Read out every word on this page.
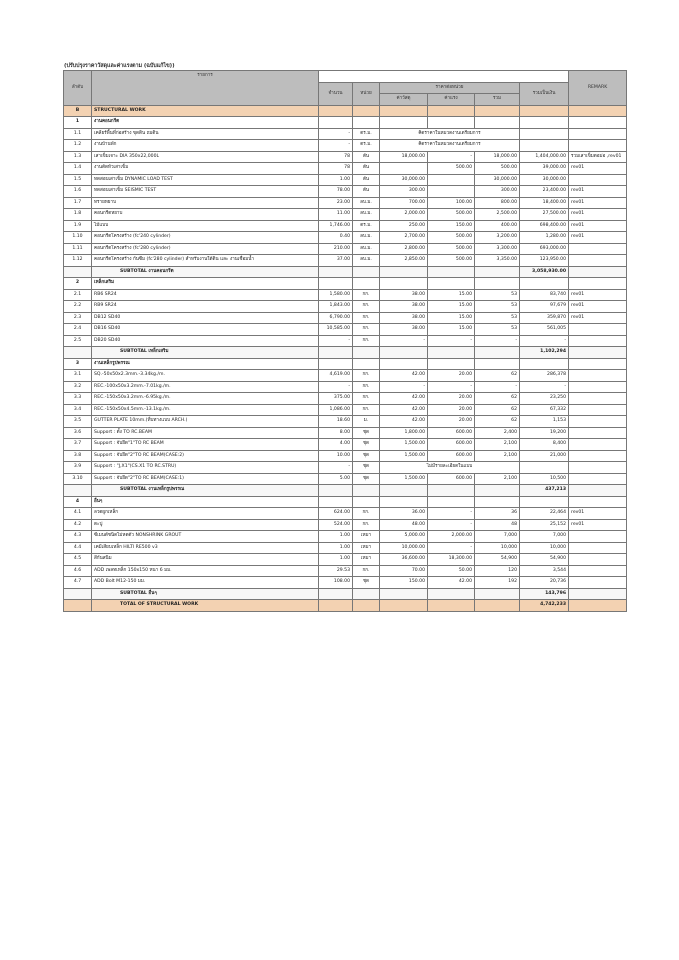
(ปรับปรุงราคาวัสดุและค่าแรงตาม (ฉบับแก้ไข))
ลำดับ	รายการ							REMARK
		จำนวน	หน่วย	ราคาต่อหน่วย			รวมเป็นเงิน	
				ค่าวัสดุ	ค่าแรง	รวม		
B	STRUCTURAL WORK							
1	งานคอนกรีต							
1.1	เคลียร์พื้นที่ก่อสร้าง ขุดดิน ถมดิน	-	ตร.ม.	คิดราคาในหมวดงานเตรียมการ				
1.2	งานบ้านพัก	-	ตร.ม.	คิดราคาในหมวดงานเตรียมการ				
1.3	เสาเข็มเจาะ DIA 350x22,000L	78	ต้น	18,000.00	-	18,000.00	1,404,000.00	รวมเสาเข็มตอม่อ ,rev01
1.4	งานตัดหัวเสาเข็ม	78	ต้น		500.00	500.00	39,000.00	rev01
1.5	ทดสอบเสาเข็ม DYNAMIC LOAD TEST	1.00	ต้น	30,000.00		30,000.00	30,000.00	
1.6	ทดสอบเสาเข็ม SEISMIC TEST	78.00	ต้น	300.00		300.00	23,400.00	rev01
1.7	ทรายหยาบ	23.00	ลบ.ม.	700.00	100.00	800.00	18,400.00	rev01
1.8	คอนกรีตหยาบ	11.00	ลบ.ม.	2,000.00	500.00	2,500.00	27,500.00	rev01
1.9	ไม้แบบ	1,746.00	ตร.ม.	250.00	150.00	400.00	698,400.00	rev01
1.10	คอนกรีตโครงสร้าง (fc'240 cylinder)	0.40	ลบ.ม.	2,700.00	500.00	3,200.00	1,280.00	rev01
1.11	คอนกรีตโครงสร้าง (fc'280 cylinder)	210.00	ลบ.ม.	2,800.00	500.00	3,300.00	693,000.00	
1.12	คอนกรีตโครงสร้าง กันซึม (fc'280 cylinder) สำหรับงานใต้ดิน และ งานเชื่อมน้ำ	37.00	ลบ.ม.	2,850.00	500.00	3,350.00	123,950.00	
	SUBTOTAL งานคอนกรีต						3,058,930.00	
2	เหล็กเสริม							
2.1	RB6 SR24	1,580.00	กก.	38.00	15.00	53	83,740	rev01
2.2	RB9 SR24	1,843.00	กก.	38.00	15.00	53	97,679	rev01
2.3	DB12 SD40	6,790.00	กก.	38.00	15.00	53	359,870	rev01
2.4	DB16 SD40	10,585.00	กก.	38.00	15.00	53	561,005	
2.5	DB20 SD40	-	กก.	-	-	-	-	
	SUBTOTAL เหล็กเสริม						1,102,294	
3	งานเหล็กรูปพรรณ							
3.1	SQ.-50x50x2.3mm.-3.34kg./m.	4,619.00	กก.	42.00	20.00	62	286,378	
3.2	REC.-100x50x3.2mm.-7.01kg./m.	-	กก.	-	-	-	-	
3.3	REC.-150x50x3.2mm.-6.95kg./m.	375.00	กก.	42.00	20.00	62	23,250	
3.4	REC.-150x50x4.5mm.-13.1kg./m.	1,086.00	กก.	42.00	20.00	62	67,332	
3.5	GUTTER PLATE 10mm.(ที่บทางแบบ ARCH.)	18.60	ม.	42.00	20.00	62	1,153	
3.6	Support : ตั้ง TO RC.BEAM	8.00	ชุด	1,800.00	600.00	2,400	19,200	
3.7	Support : จับยึด"1"TO RC BEAM	4.00	ชุด	1,500.00	600.00	2,100	8,400	
3.8	Support : จับยึด"2"TO RC BEAM(CASE:2)	10.00	ชุด	1,500.00	600.00	2,100	21,000	
3.9	Support : "J,X1"(CS.X1 TO RC.STRU)	-	ชุด	ไม่มีรายละเอียดในแบบ				
3.10	Support : จับยึด"2"TO RC BEAM(CASE:1)	5.00	ชุด	1,500.00	600.00	2,100	10,500	
	SUBTOTAL งานเหล็กรูปพรรณ						437,213	
4	อื่นๆ							
4.1	ลวดผูกเหล็ก	624.00	กก.	36.00	-	36	22,464	rev01
4.2	ตะปู	524.00	กก.	48.00	-	48	25,152	rev01
4.3	ซีเมนต์ชนิดไม่หดตัว NONSHRINK GROUT	1.00	เหมา	5,000.00	2,000.00	7,000	7,000	
4.4	เคมีเสียบเหล็ก HILTI RE500 v3	1.00	เหมา	10,000.00	-	10,000	10,000	
4.5	สีกันสนิม	1.00	เหมา	36,600.00	18,300.00	54,900	54,900	
4.6	ADD เพลทเหล็ก 150x150 หนา 6 มม.	29.53	กก.	70.00	50.00	120	3,544	
4.7	ADD Bolt M12-150 มม.	108.00	ชุด	150.00	42.00	192	20,736	
	SUBTOTAL อื่นๆ						143,796	
	TOTAL OF STRUCTURAL WORK						4,742,233	
